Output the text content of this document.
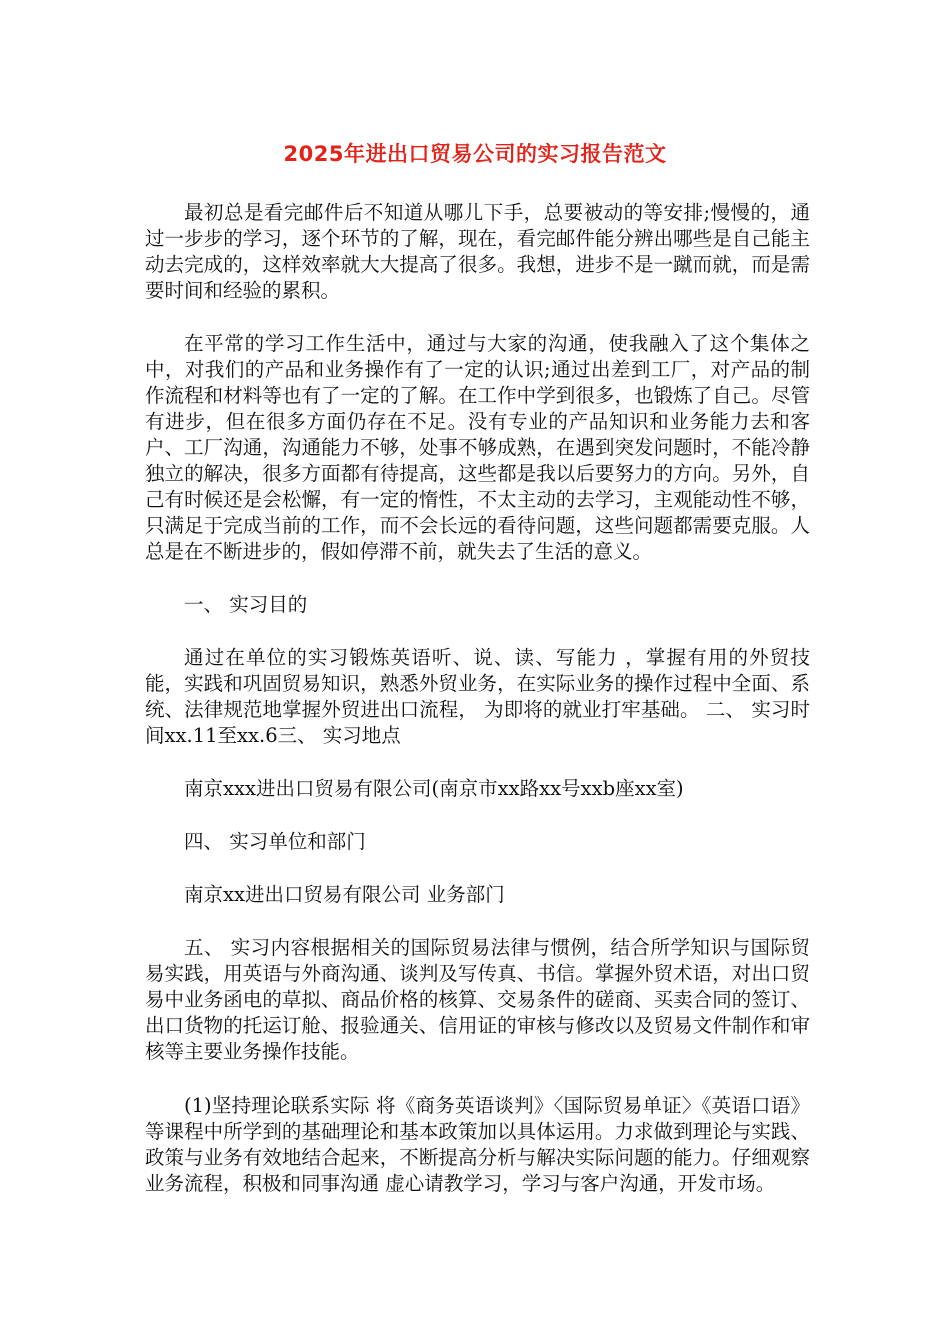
2025年进出口贸易公司的实习报告范文

最初总是看完邮件后不知道从哪儿下手，总要被动的等安排;慢慢的，通过一步步的学习，逐个环节的了解，现在，看完邮件能分辨出哪些是自己能主动去完成的，这样效率就大大提高了很多。我想，进步不是一蹴而就，而是需要时间和经验的累积。

在平常的学习工作生活中，通过与大家的沟通，使我融入了这个集体之中，对我们的产品和业务操作有了一定的认识;通过出差到工厂，对产品的制作流程和材料等也有了一定的了解。在工作中学到很多，也锻炼了自己。尽管有进步，但在很多方面仍存在不足。没有专业的产品知识和业务能力去和客户、工厂沟通，沟通能力不够，处事不够成熟，在遇到突发问题时，不能冷静独立的解决，很多方面都有待提高，这些都是我以后要努力的方向。另外，自己有时候还是会松懈，有一定的惰性，不太主动的去学习，主观能动性不够，只满足于完成当前的工作，而不会长远的看待问题，这些问题都需要克服。人总是在不断进步的，假如停滞不前，就失去了生活的意义。

一、 实习目的

通过在单位的实习锻炼英语听、说、读、写能力 ，掌握有用的外贸技能，实践和巩固贸易知识，熟悉外贸业务，在实际业务的操作过程中全面、系统、法律规范地掌握外贸进出口流程， 为即将的就业打牢基础。 二、 实习时间xx.11至xx.6三、 实习地点

南京xxx进出口贸易有限公司(南京市xx路xx号xxb座xx室)

四、 实习单位和部门

南京xx进出口贸易有限公司 业务部门

五、 实习内容根据相关的国际贸易法律与惯例，结合所学知识与国际贸易实践，用英语与外商沟通、谈判及写传真、书信。掌握外贸术语，对出口贸易中业务函电的草拟、商品价格的核算、交易条件的磋商、买卖合同的签订、出口货物的托运订舱、报验通关、信用证的审核与修改以及贸易文件制作和审核等主要业务操作技能。

(1)坚持理论联系实际 将《商务英语谈判》〈国际贸易单证〉《英语口语》等课程中所学到的基础理论和基本政策加以具体运用。力求做到理论与实践、政策与业务有效地结合起来，不断提高分析与解决实际问题的能力。仔细观察业务流程，积极和同事沟通 虚心请教学习，学习与客户沟通，开发市场。
